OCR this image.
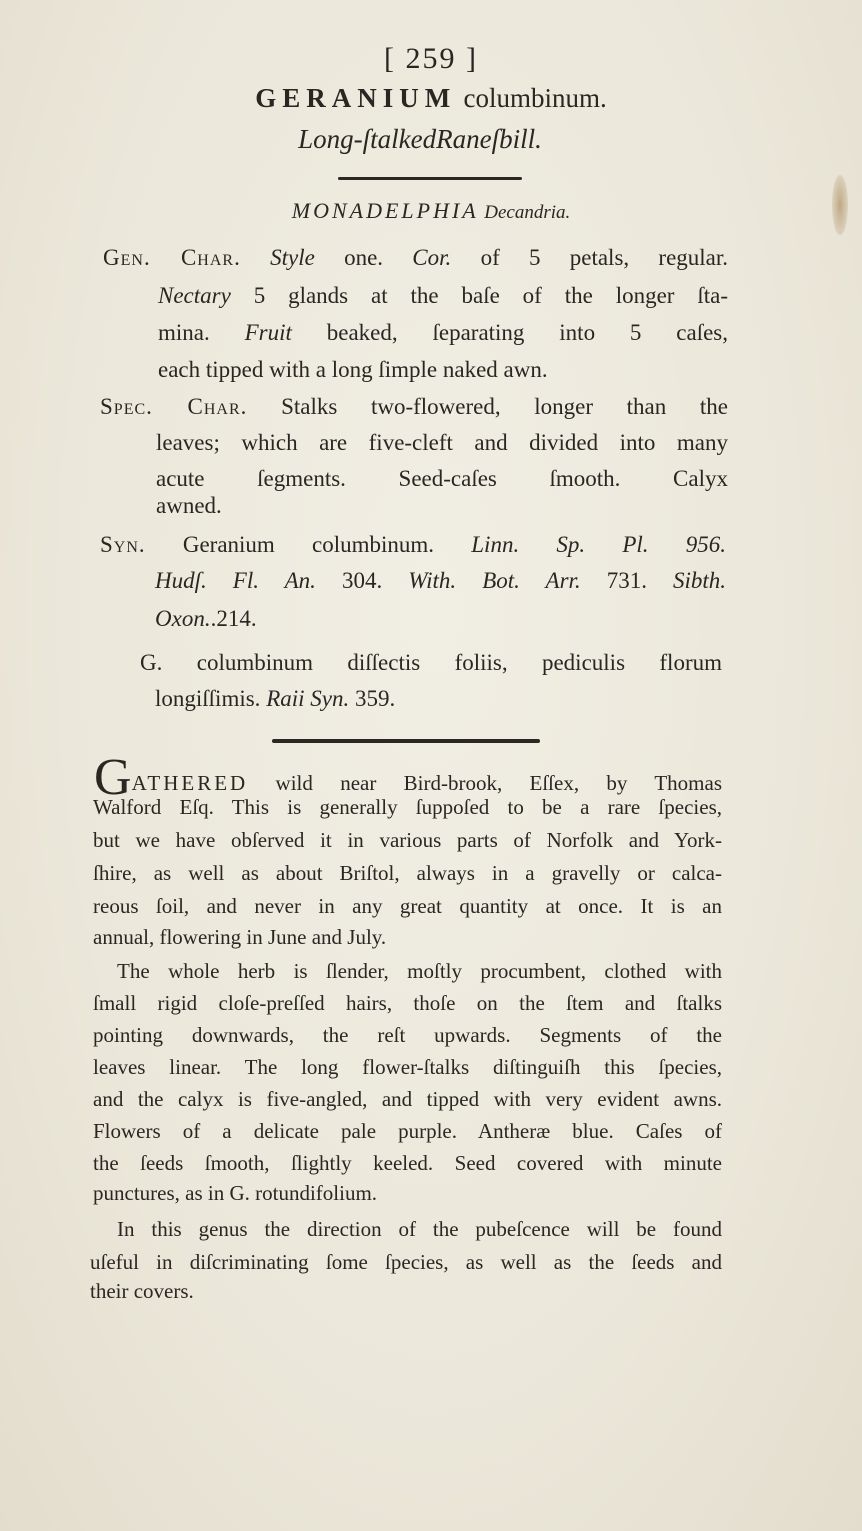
[ 259 ]
GERANIUM columbinum.
Long-ſtalkedRaneſbill.
MONADELPHIA Decandria.
Gen. Char. Style one. Cor. of 5 petals, regular.
Nectary 5 glands at the baſe of the longer ſta-
mina. Fruit beaked, ſeparating into 5 caſes,
each tipped with a long ſimple naked awn.
Spec. Char. Stalks two-flowered, longer than the
leaves; which are five-cleft and divided into many
acute ſegments. Seed-caſes ſmooth. Calyx
awned.
Syn. Geranium columbinum. Linn. Sp. Pl. 956.
Hudſ. Fl. An. 304. With. Bot. Arr. 731. Sibth.
Oxon..214.
G. columbinum diſſectis foliis, pediculis florum
longiſſimis. Raii Syn. 359.
GATHERED wild near Bird-brook, Eſſex, by Thomas
Walford Eſq. This is generally ſuppoſed to be a rare ſpecies,
but we have obſerved it in various parts of Norfolk and York-
ſhire, as well as about Briſtol, always in a gravelly or calca-
reous ſoil, and never in any great quantity at once. It is an
annual, flowering in June and July.
The whole herb is ſlender, moſtly procumbent, clothed with
ſmall rigid cloſe-preſſed hairs, thoſe on the ſtem and ſtalks
pointing downwards, the reſt upwards. Segments of the
leaves linear. The long flower-ſtalks diſtinguiſh this ſpecies,
and the calyx is five-angled, and tipped with very evident awns.
Flowers of a delicate pale purple. Antheræ blue. Caſes of
the ſeeds ſmooth, ſlightly keeled. Seed covered with minute
punctures, as in G. rotundifolium.
In this genus the direction of the pubeſcence will be found
uſeful in diſcriminating ſome ſpecies, as well as the ſeeds and
their covers.
